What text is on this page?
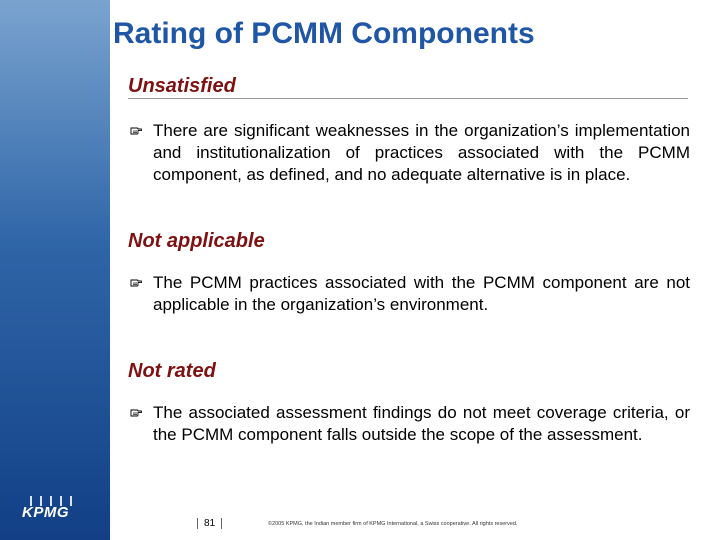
KPMG
Rating of PCMM Components
Unsatisfied

There are significant weaknesses in the organization’s implementation and institutionalization of practices associated with the PCMM component, as defined, and no adequate alternative is in place.

Not applicable

The PCMM practices associated with the PCMM component are not applicable in the organization’s environment.

Not rated

The associated assessment findings do not meet coverage criteria, or the PCMM component falls outside the scope of the assessment.

81	©2005 KPMG, the Indian member firm of KPMG International, a Swiss cooperative. All rights reserved.
